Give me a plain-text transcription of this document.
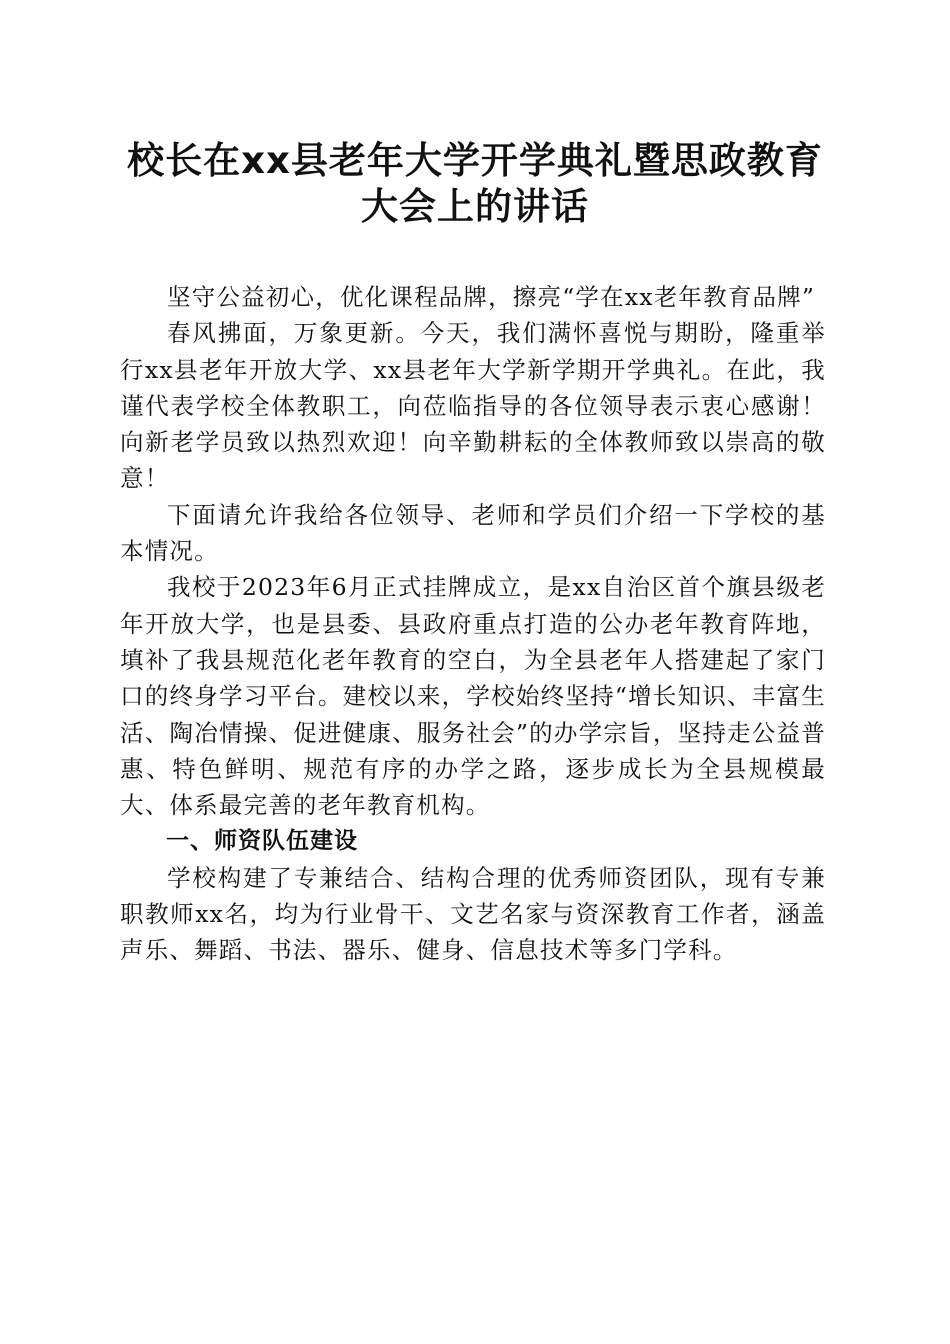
校长在xx县老年大学开学典礼暨思政教育大会上的讲话

坚守公益初心，优化课程品牌，擦亮“学在xx老年教育品牌”

春风拂面，万象更新。今天，我们满怀喜悦与期盼，隆重举行xx县老年开放大学、xx县老年大学新学期开学典礼。在此，我谨代表学校全体教职工，向莅临指导的各位领导表示衷心感谢！向新老学员致以热烈欢迎！向辛勤耕耘的全体教师致以崇高的敬意！

下面请允许我给各位领导、老师和学员们介绍一下学校的基本情况。

我校于2023年6月正式挂牌成立，是xx自治区首个旗县级老年开放大学，也是县委、县政府重点打造的公办老年教育阵地，填补了我县规范化老年教育的空白，为全县老年人搭建起了家门口的终身学习平台。建校以来，学校始终坚持“增长知识、丰富生活、陶冶情操、促进健康、服务社会”的办学宗旨，坚持走公益普惠、特色鲜明、规范有序的办学之路，逐步成长为全县规模最大、体系最完善的老年教育机构。

一、师资队伍建设

学校构建了专兼结合、结构合理的优秀师资团队，现有专兼职教师xx名，均为行业骨干、文艺名家与资深教育工作者，涵盖声乐、舞蹈、书法、器乐、健身、信息技术等多门学科。
